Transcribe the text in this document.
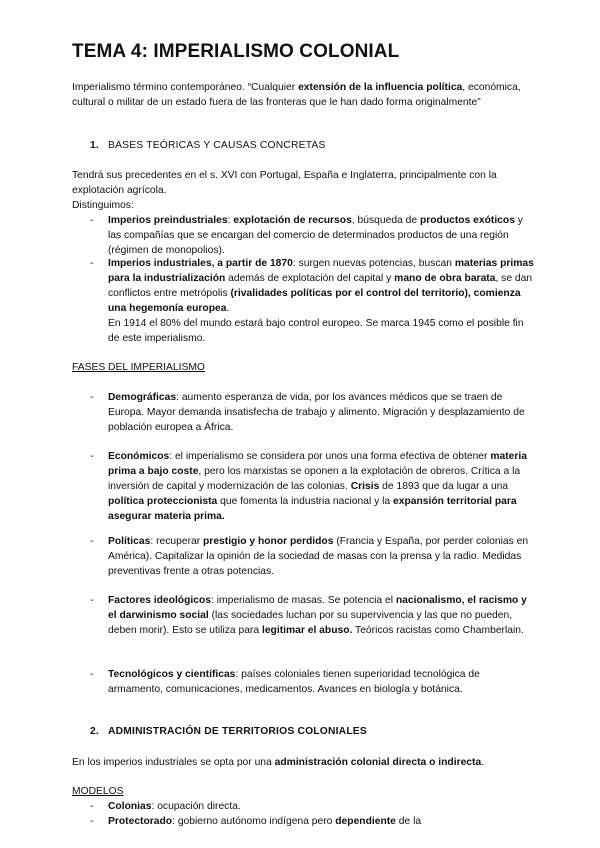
TEMA 4: IMPERIALISMO COLONIAL

Imperialismo término contemporáneo. “Cualquier extensión de la influencia política, económica, cultural o militar de un estado fuera de las fronteras que le han dado forma originalmente”

1. BASES TEÓRICAS Y CAUSAS CONCRETAS

Tendrá sus precedentes en el s. XVI con Portugal, España e Inglaterra, principalmente con la explotación agrícola.

Distinguimos:

- Imperios preindustriales: explotación de recursos, búsqueda de productos exóticos y las compañías que se encargan del comercio de determinados productos de una región (régimen de monopolios).

- Imperios industriales, a partir de 1870: surgen nuevas potencias, buscan materias primas para la industrialización además de explotación del capital y mano de obra barata, se dan conflictos entre metrópolis (rivalidades políticas por el control del territorio), comienza una hegemonía europea.

En 1914 el 80% del mundo estará bajo control europeo. Se marca 1945 como el posible fin de este imperialismo.

FASES DEL IMPERIALISMO

- Demográficas: aumento esperanza de vida, por los avances médicos que se traen de Europa. Mayor demanda insatisfecha de trabajo y alimento. Migración y desplazamiento de población europea a África.

- Económicos: el imperialismo se considera por unos una forma efectiva de obtener materia prima a bajo coste, pero los marxistas se oponen a la explotación de obreros. Crítica a la inversión de capital y modernización de las colonias. Crisis de 1893 que da lugar a una política proteccionista que fomenta la industria nacional y la expansión territorial para asegurar materia prima.

- Políticas: recuperar prestigio y honor perdidos (Francia y España, por perder colonias en América). Capitalizar la opinión de la sociedad de masas con la prensa y la radio. Medidas preventivas frente a otras potencias.

- Factores ideológicos: imperialismo de masas. Se potencia el nacionalismo, el racismo y el darwinismo social (las sociedades luchan por su supervivencia y las que no pueden, deben morir). Esto se utiliza para legitimar el abuso. Teóricos racistas como Chamberlain.

- Tecnológicos y científicas: países coloniales tienen superioridad tecnológica de armamento, comunicaciones, medicamentos. Avances en biología y botánica.

2. ADMINISTRACIÓN DE TERRITORIOS COLONIALES

En los imperios industriales se opta por una administración colonial directa o indirecta.

MODELOS

- Colonias: ocupación directa.

- Protectorado: gobierno autónomo indígena pero dependiente de la
